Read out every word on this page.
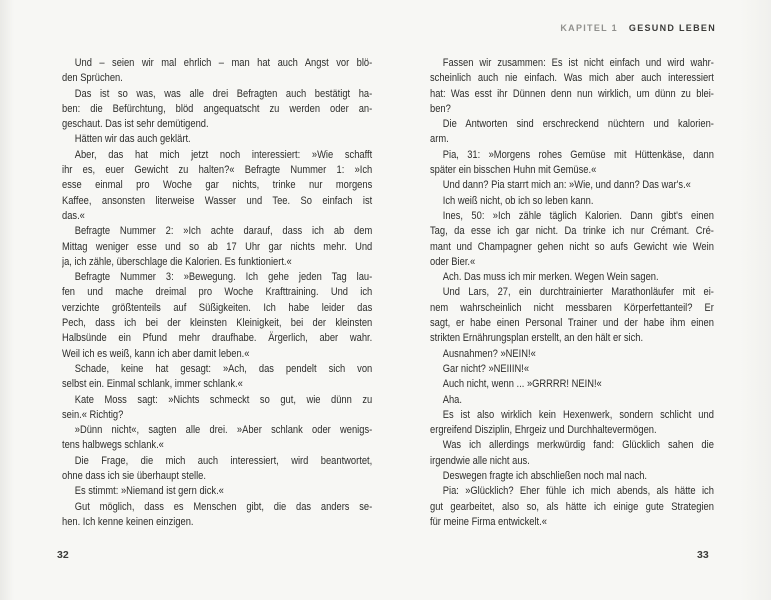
KAPITEL 1 GESUND LEBEN
Und – seien wir mal ehrlich – man hat auch Angst vor blö-
den Sprüchen.
Das ist so was, was alle drei Befragten auch bestätigt ha-
ben: die Befürchtung, blöd angequatscht zu werden oder an-
geschaut. Das ist sehr demütigend.
Hätten wir das auch geklärt.
Aber, das hat mich jetzt noch interessiert: »Wie schafft
ihr es, euer Gewicht zu halten?« Befragte Nummer 1: »Ich
esse einmal pro Woche gar nichts, trinke nur morgens
Kaffee, ansonsten literweise Wasser und Tee. So einfach ist
das.«
Befragte Nummer 2: »Ich achte darauf, dass ich ab dem
Mittag weniger esse und so ab 17 Uhr gar nichts mehr. Und
ja, ich zähle, überschlage die Kalorien. Es funktioniert.«
Befragte Nummer 3: »Bewegung. Ich gehe jeden Tag lau-
fen und mache dreimal pro Woche Krafttraining. Und ich
verzichte größtenteils auf Süßigkeiten. Ich habe leider das
Pech, dass ich bei der kleinsten Kleinigkeit, bei der kleinsten
Halbsünde ein Pfund mehr draufhabe. Ärgerlich, aber wahr.
Weil ich es weiß, kann ich aber damit leben.«
Schade, keine hat gesagt: »Ach, das pendelt sich von
selbst ein. Einmal schlank, immer schlank.«
Kate Moss sagt: »Nichts schmeckt so gut, wie dünn zu
sein.« Richtig?
»Dünn nicht«, sagten alle drei. »Aber schlank oder wenigs-
tens halbwegs schlank.«
Die Frage, die mich auch interessiert, wird beantwortet,
ohne dass ich sie überhaupt stelle.
Es stimmt: »Niemand ist gern dick.«
Gut möglich, dass es Menschen gibt, die das anders se-
hen. Ich kenne keinen einzigen.
Fassen wir zusammen: Es ist nicht einfach und wird wahr-
scheinlich auch nie einfach. Was mich aber auch interessiert
hat: Was esst ihr Dünnen denn nun wirklich, um dünn zu blei-
ben?
Die Antworten sind erschreckend nüchtern und kalorien-
arm.
Pia, 31: »Morgens rohes Gemüse mit Hüttenkäse, dann
später ein bisschen Huhn mit Gemüse.«
Und dann? Pia starrt mich an: »Wie, und dann? Das war's.«
Ich weiß nicht, ob ich so leben kann.
Ines, 50: »Ich zähle täglich Kalorien. Dann gibt's einen
Tag, da esse ich gar nicht. Da trinke ich nur Crémant. Cré-
mant und Champagner gehen nicht so aufs Gewicht wie Wein
oder Bier.«
Ach. Das muss ich mir merken. Wegen Wein sagen.
Und Lars, 27, ein durchtrainierter Marathonläufer mit ei-
nem wahrscheinlich nicht messbaren Körperfettanteil? Er
sagt, er habe einen Personal Trainer und der habe ihm einen
strikten Ernährungsplan erstellt, an den hält er sich.
Ausnahmen? »NEIN!«
Gar nicht? »NEIIIN!«
Auch nicht, wenn ... »GRRRR! NEIN!«
Aha.
Es ist also wirklich kein Hexenwerk, sondern schlicht und
ergreifend Disziplin, Ehrgeiz und Durchhaltevermögen.
Was ich allerdings merkwürdig fand: Glücklich sahen die
irgendwie alle nicht aus.
Deswegen fragte ich abschließen noch mal nach.
Pia: »Glücklich? Eher fühle ich mich abends, als hätte ich
gut gearbeitet, also so, als hätte ich einige gute Strategien
für meine Firma entwickelt.«
32	33
